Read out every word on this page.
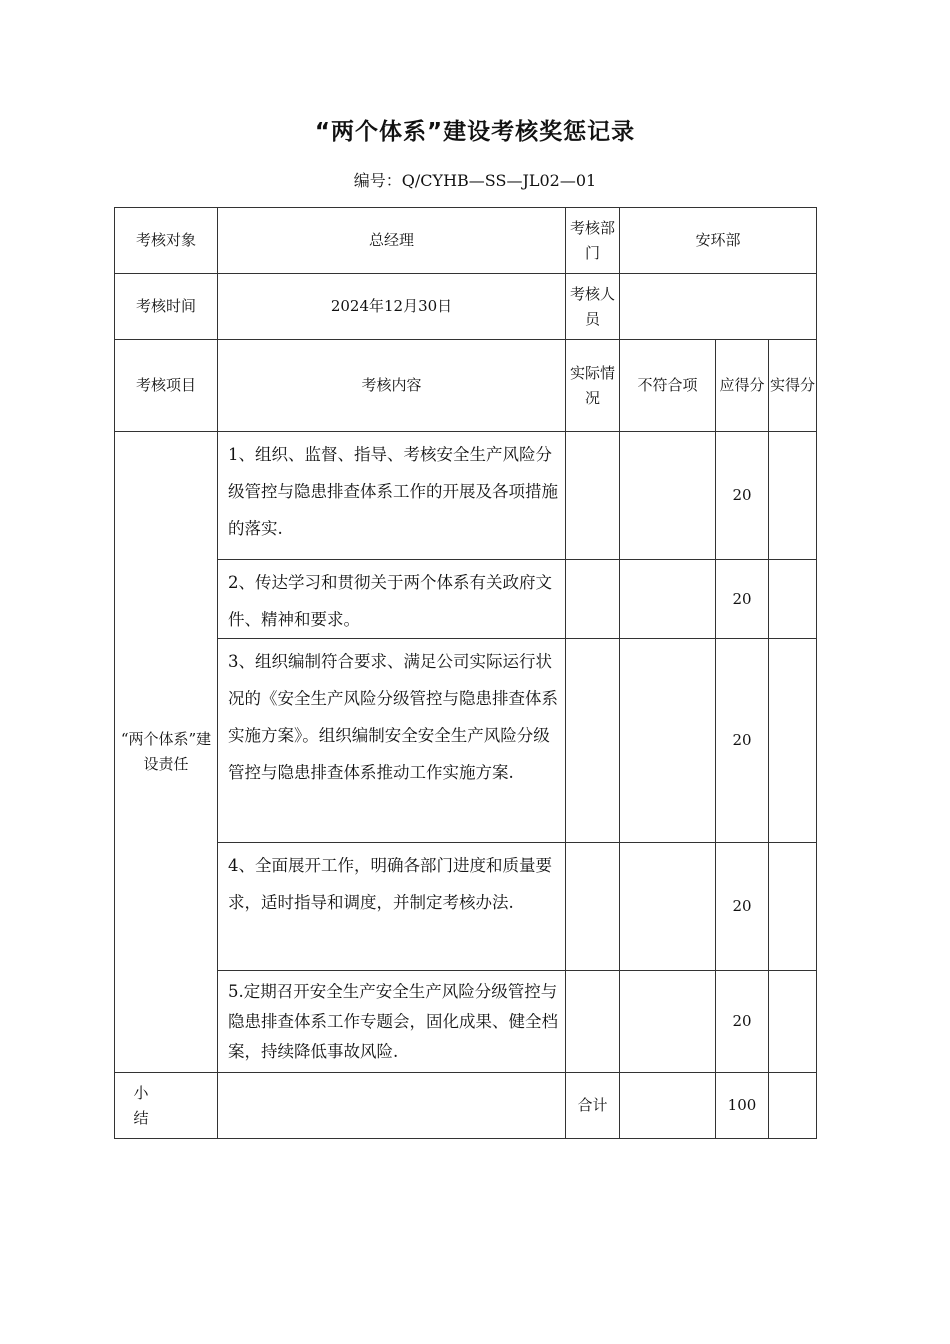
“两个体系”建设考核奖惩记录
编号：Q/CYHB—SS—JL02—01
考核对象	总经理	考核部门	安环部		
考核时间	2024年12月30日	考核人员			
考核项目	考核内容	实际情况	不符合项	应得分	实得分
“两个体系”建设责任	1、组织、监督、指导、考核安全生产风险分级管控与隐患排查体系工作的开展及各项措施的落实.			20	
	2、传达学习和贯彻关于两个体系有关政府文件、精神和要求。			20	
	3、组织编制符合要求、满足公司实际运行状况的《安全生产风险分级管控与隐患排查体系实施方案》。组织编制安全安全生产风险分级管控与隐患排查体系推动工作实施方案.			20	
	4、全面展开工作，明确各部门进度和质量要求，适时指导和调度，并制定考核办法.			20	
	5.定期召开安全生产安全生产风险分级管控与隐患排查体系工作专题会，固化成果、健全档案，持续降低事故风险.			20	
小结		合计		100	
